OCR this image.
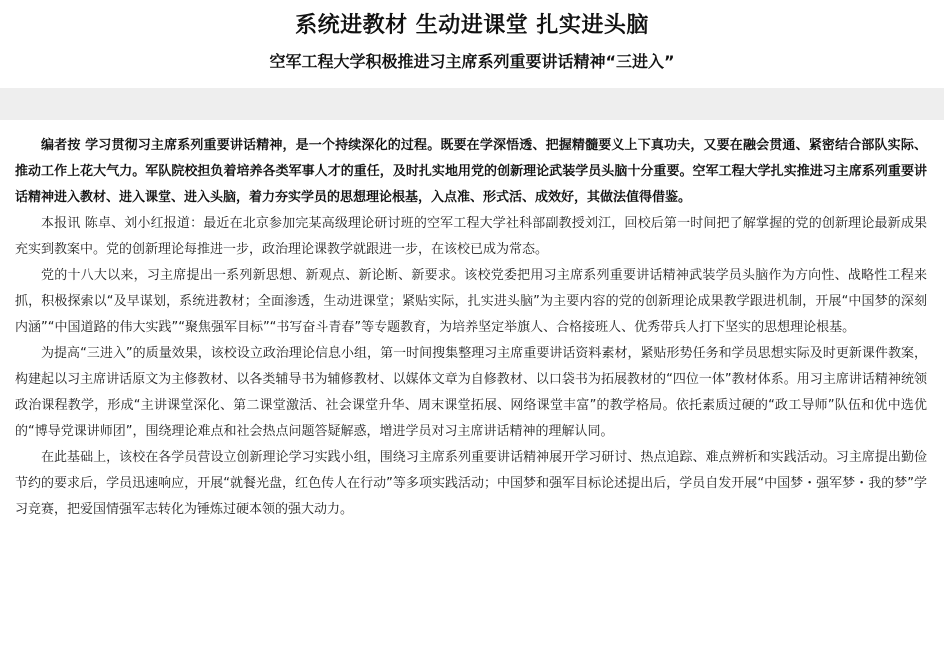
系统进教材 生动进课堂 扎实进头脑
空军工程大学积极推进习主席系列重要讲话精神“三进入”

编者按 学习贯彻习主席系列重要讲话精神，是一个持续深化的过程。既要在学深悟透、把握精髓要义上下真功夫，又要在融会贯通、紧密结合部队实际、推动工作上花大气力。军队院校担负着培养各类军事人才的重任，及时扎实地用党的创新理论武装学员头脑十分重要。空军工程大学扎实推进习主席系列重要讲话精神进入教材、进入课堂、进入头脑，着力夯实学员的思想理论根基，入点准、形式活、成效好，其做法值得借鉴。

本报讯 陈卓、刘小红报道：最近在北京参加完某高级理论研讨班的空军工程大学社科部副教授刘江，回校后第一时间把了解掌握的党的创新理论最新成果充实到教案中。党的创新理论每推进一步，政治理论课教学就跟进一步，在该校已成为常态。

党的十八大以来，习主席提出一系列新思想、新观点、新论断、新要求。该校党委把用习主席系列重要讲话精神武装学员头脑作为方向性、战略性工程来抓，积极探索以“及早谋划，系统进教材；全面渗透，生动进课堂；紧贴实际，扎实进头脑”为主要内容的党的创新理论成果教学跟进机制，开展“中国梦的深刻内涵”“中国道路的伟大实践”“聚焦强军目标”“书写奋斗青春”等专题教育，为培养坚定举旗人、合格接班人、优秀带兵人打下坚实的思想理论根基。

为提高“三进入”的质量效果，该校设立政治理论信息小组，第一时间搜集整理习主席重要讲话资料素材，紧贴形势任务和学员思想实际及时更新课件教案，构建起以习主席讲话原文为主修教材、以各类辅导书为辅修教材、以媒体文章为自修教材、以口袋书为拓展教材的“四位一体”教材体系。用习主席讲话精神统领政治课程教学，形成“主讲课堂深化、第二课堂激活、社会课堂升华、周末课堂拓展、网络课堂丰富”的教学格局。依托素质过硬的“政工导师”队伍和优中选优的“博导党课讲师团”，围绕理论难点和社会热点问题答疑解惑，增进学员对习主席讲话精神的理解认同。

在此基础上，该校在各学员营设立创新理论学习实践小组，围绕习主席系列重要讲话精神展开学习研讨、热点追踪、难点辨析和实践活动。习主席提出勤俭节约的要求后，学员迅速响应，开展“就餐光盘，红色传人在行动”等多项实践活动；中国梦和强军目标论述提出后，学员自发开展“中国梦・强军梦・我的梦”学习竞赛，把爱国情强军志转化为锤炼过硬本领的强大动力。
